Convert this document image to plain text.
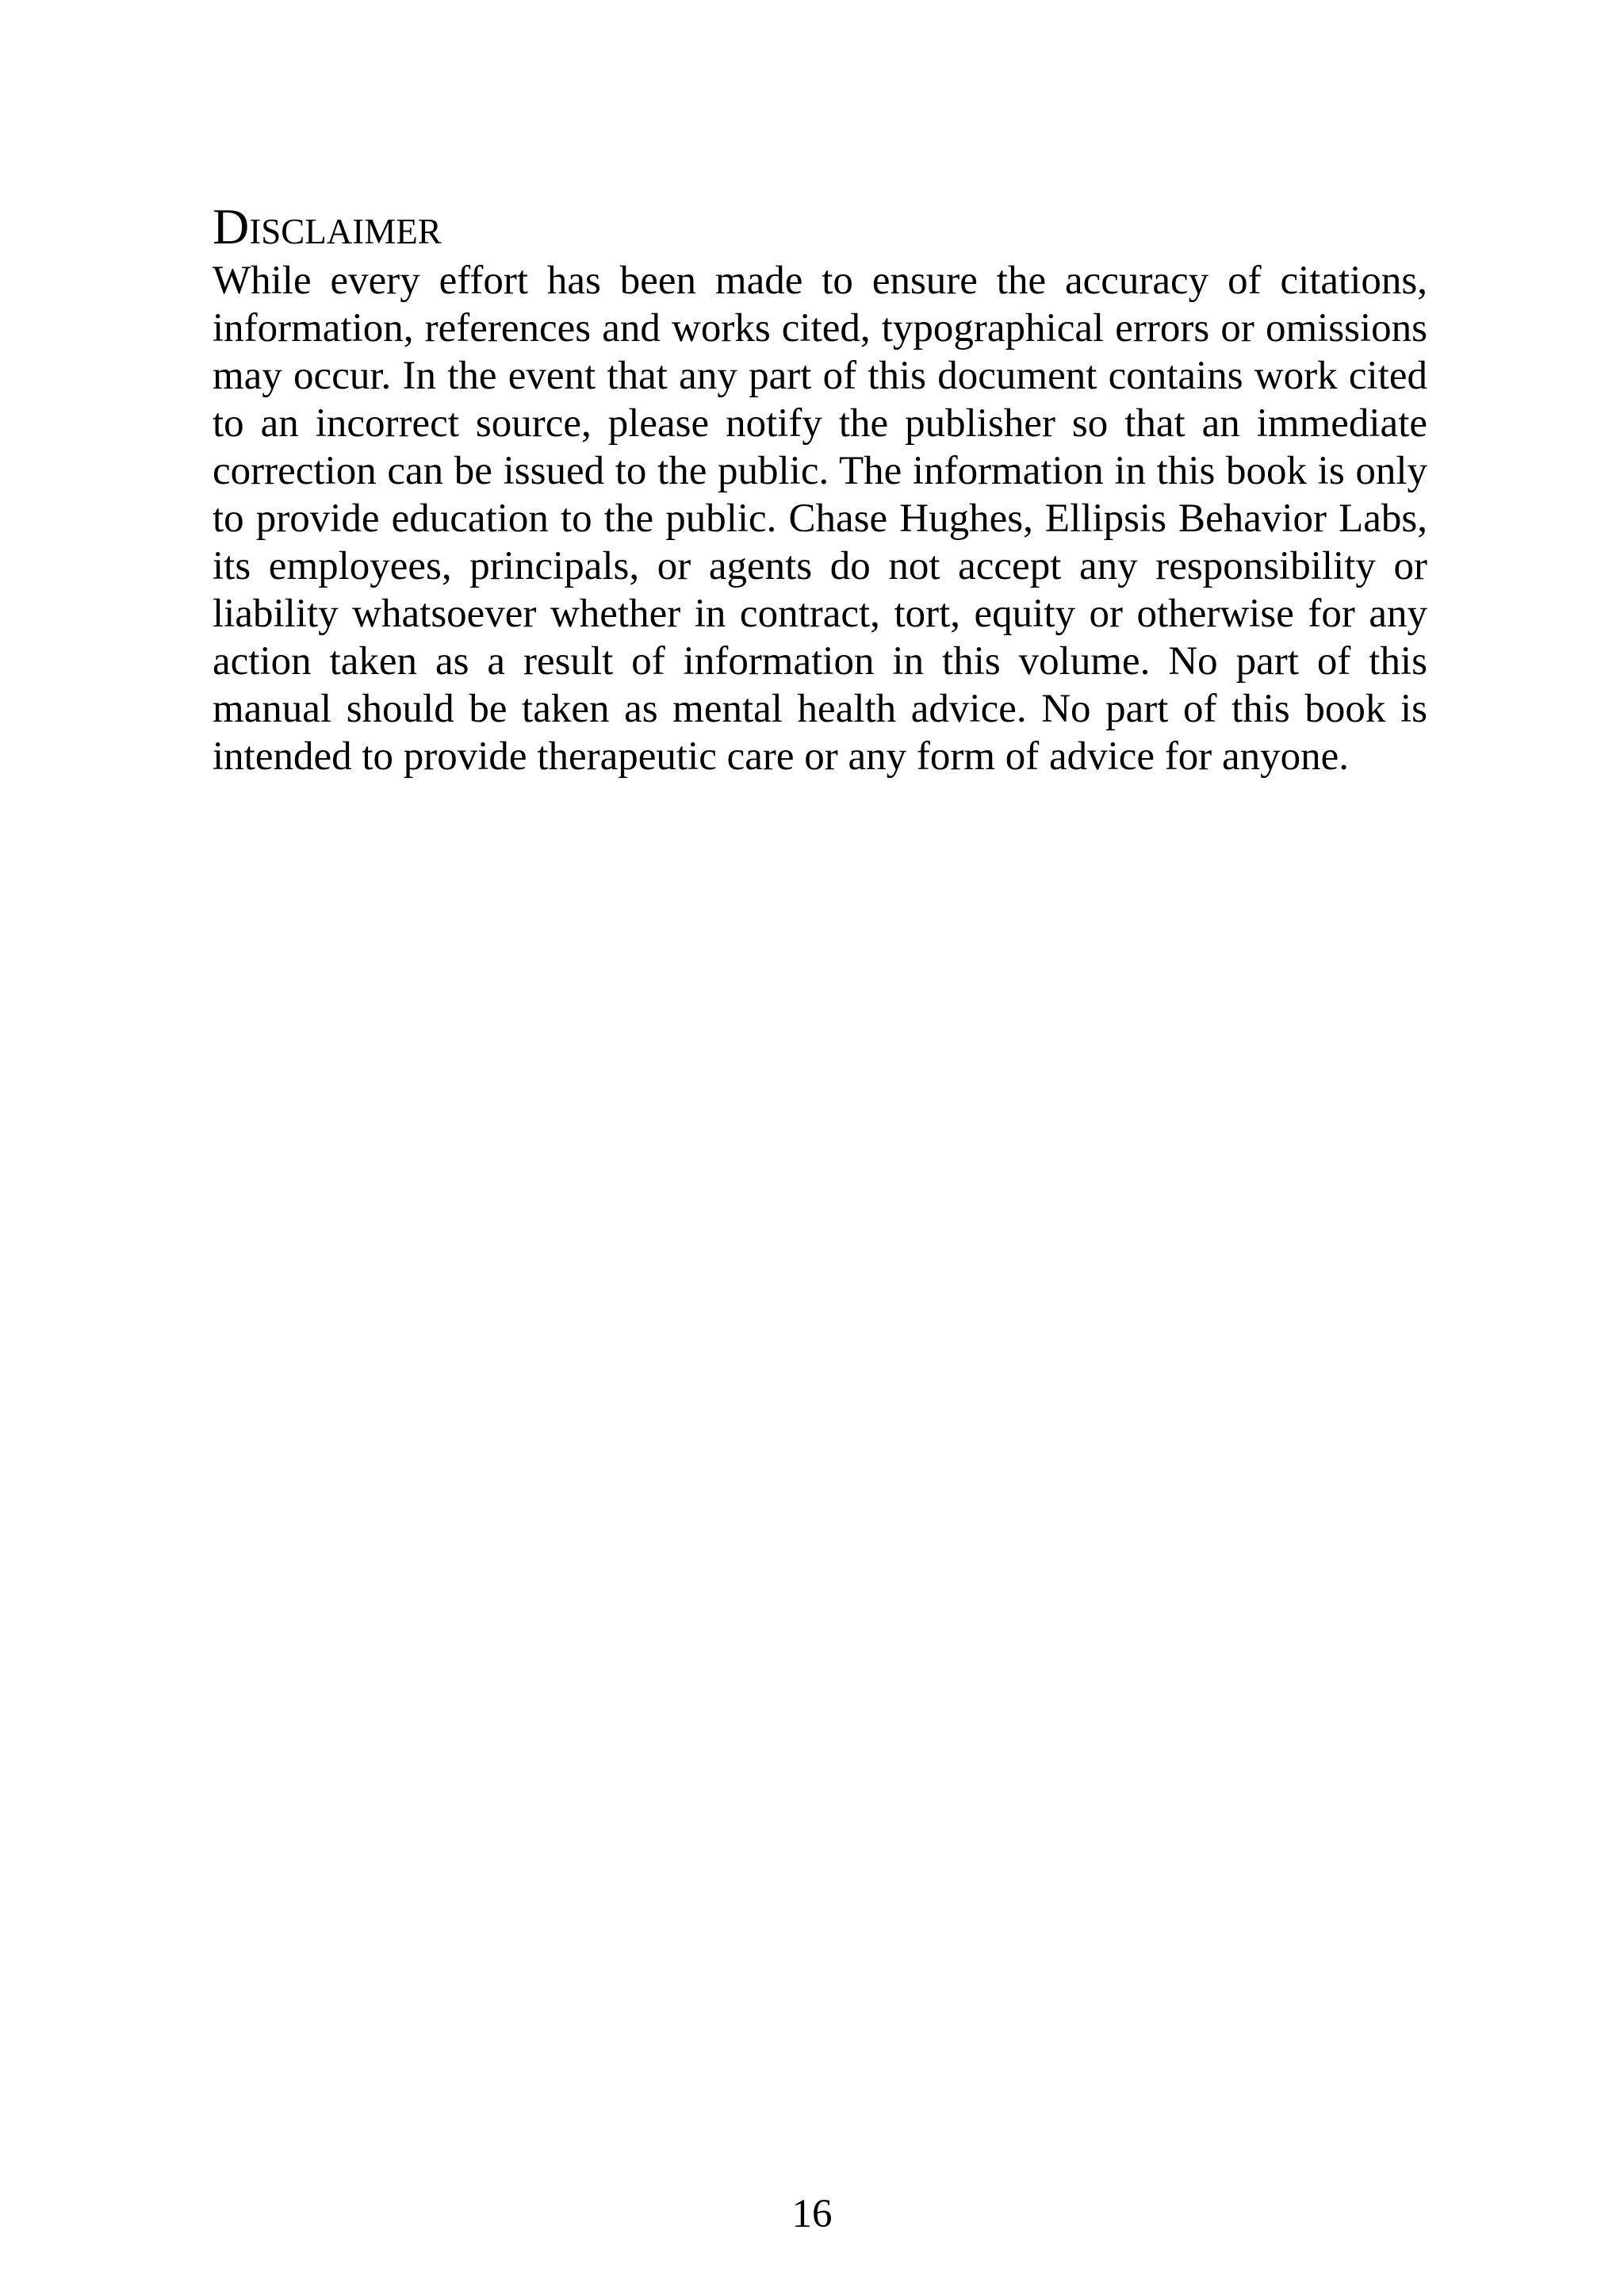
Disclaimer

While every effort has been made to ensure the accuracy of citations, information, references and works cited, typographical errors or omissions may occur. In the event that any part of this document contains work cited to an incorrect source, please notify the publisher so that an immediate correction can be issued to the public. The information in this book is only to provide education to the public. Chase Hughes, Ellipsis Behavior Labs, its employees, principals, or agents do not accept any responsibility or liability whatsoever whether in contract, tort, equity or otherwise for any action taken as a result of information in this volume. No part of this manual should be taken as mental health advice. No part of this book is intended to provide therapeutic care or any form of advice for anyone.

16
